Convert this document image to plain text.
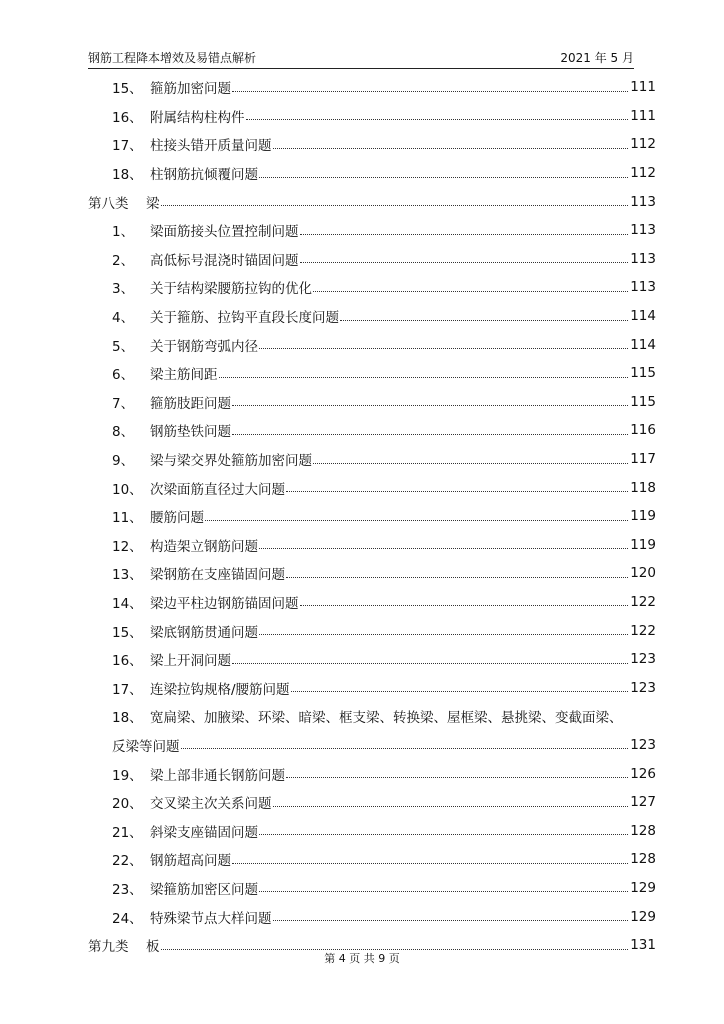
钢筋工程降本增效及易错点解析	2021 年 5 月
15、 箍筋加密问题	111
16、 附属结构柱构件	111
17、 柱接头错开质量问题	112
18、 柱钢筋抗倾覆问题	112
第八类	梁	113
1、	梁面筋接头位置控制问题	113
2、	高低标号混浇时锚固问题	113
3、	关于结构梁腰筋拉钩的优化	113
4、	关于箍筋、拉钩平直段长度问题	114
5、	关于钢筋弯弧内径	114
6、	梁主筋间距	115
7、	箍筋肢距问题	115
8、	钢筋垫铁问题	116
9、	梁与梁交界处箍筋加密问题	117
10、 次梁面筋直径过大问题	118
11、 腰筋问题	119
12、 构造架立钢筋问题	119
13、 梁钢筋在支座锚固问题	120
14、 梁边平柱边钢筋锚固问题	122
15、 梁底钢筋贯通问题	122
16、 梁上开洞问题	123
17、 连梁拉钩规格/腰筋问题	123
18、 宽扁梁、加腋梁、环梁、暗梁、框支梁、转换梁、屋框梁、悬挑梁、变截面梁、
反梁等问题	123
19、 梁上部非通长钢筋问题	126
20、 交叉梁主次关系问题	127
21、 斜梁支座锚固问题	128
22、 钢筋超高问题	128
23、 梁箍筋加密区问题	129
24、 特殊梁节点大样问题	129
第九类	板	131
第 4 页 共 9 页
